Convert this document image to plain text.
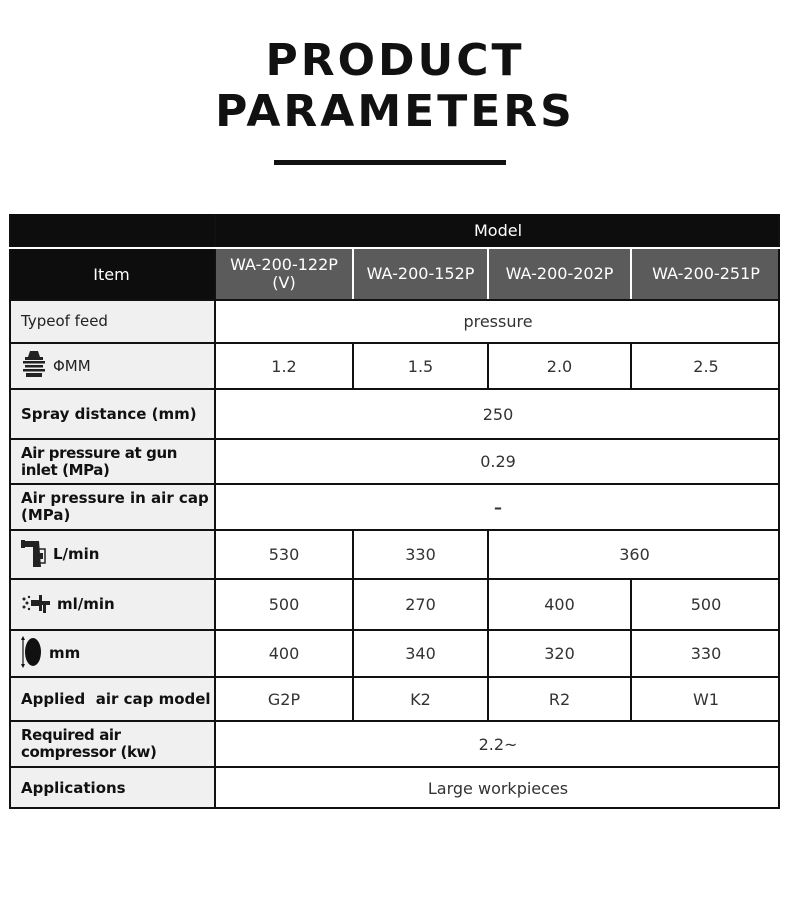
PRODUCT
PARAMETERS
Model
Item	WA-200-122P (V)	WA-200-152P	WA-200-202P	WA-200-251P
Typeof feed	pressure
ΦMM	1.2	1.5	2.0	2.5
Spray distance (mm)	250
Air pressure at gun inlet (MPa)	0.29
Air pressure in air cap (MPa)	–
L/min	530	330	360
ml/min	500	270	400	500
mm	400	340	320	330
Applied  air cap model	G2P	K2	R2	W1
Required air compressor (kw)	2.2~
Applications	Large workpieces
